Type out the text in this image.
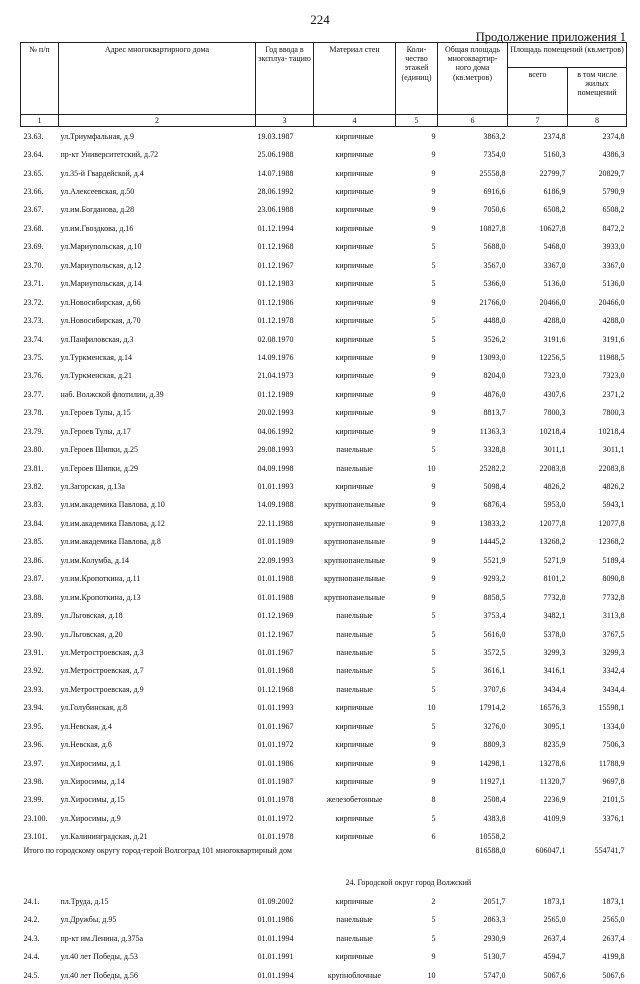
224
Продолжение приложения 1
№ п/п	Адрес многоквартирного дома	Год ввода в эксплуа- тацию	Материал стен	Коли- чество этажей (единиц)	Общая площадь многоквартир- ного дома (кв.метров)	Площадь помещений (кв.метров)	
						всего	в том числе жилых помещений
1	2	3	4	5	6	7	8
23.63.	ул.Триумфальная, д.9	19.03.1987	кирпичные	9	3863,2	2374,8	2374,8
23.64.	пр-кт Университетский, д.72	25.06.1988	кирпичные	9	7354,0	5160,3	4386,3
23.65.	ул.35-й Гвардейской, д.4	14.07.1988	кирпичные	9	25558,8	22799,7	20829,7
23.66.	ул.Алексеевская, д.50	28.06.1992	кирпичные	9	6916,6	6186,9	5790,9
23.67.	ул.им.Богданова, д.28	23.06.1988	кирпичные	9	7050,6	6508,2	6508,2
23.68.	ул.им.Гвоздкова, д.16	01.12.1994	кирпичные	9	10827,8	10627,8	8472,2
23.69.	ул.Мариупольская, д.10	01.12.1968	кирпичные	5	5688,0	5468,0	3933,0
23.70.	ул.Мариупольская, д.12	01.12.1967	кирпичные	5	3567,0	3367,0	3367,0
23.71.	ул.Мариупольская, д.14	01.12.1983	кирпичные	5	5366,0	5136,0	5136,0
23.72.	ул.Новосибирская, д.66	01.12.1986	кирпичные	9	21766,0	20466,0	20466,0
23.73.	ул.Новосибирская, д.70	01.12.1978	кирпичные	5	4488,0	4288,0	4288,0
23.74.	ул.Панфиловская, д.3	02.08.1970	кирпичные	5	3526,2	3191,6	3191,6
23.75.	ул.Туркменская, д.14	14.09.1976	кирпичные	9	13093,0	12256,5	11988,5
23.76.	ул.Туркменская, д.21	21.04.1973	кирпичные	9	8204,0	7323,0	7323,0
23.77.	наб. Волжской флотилии, д.39	01.12.1989	кирпичные	9	4876,0	4307,6	2371,2
23.78.	ул.Героев Тулы, д.15	20.02.1993	кирпичные	9	8813,7	7800,3	7800,3
23.79.	ул.Героев Тулы, д.17	04.06.1992	кирпичные	9	11363,3	10218,4	10218,4
23.80.	ул.Героев Шипки, д.25	29.08.1993	панельные	5	3328,8	3011,1	3011,1
23.81.	ул.Героев Шипки, д.29	04.09.1998	панельные	10	25282,2	22083,8	22083,8
23.82.	ул.Загорская, д.13а	01.01.1993	кирпичные	9	5098,4	4826,2	4826,2
23.83.	ул.им.академика Павлова, д.10	14.09.1988	крупнопанельные	9	6876,4	5953,0	5943,1
23.84.	ул.им.академика Павлова, д.12	22.11.1988	крупнопанельные	9	13833,2	12077,8	12077,8
23.85.	ул.им.академика Павлова, д.8	01.01.1989	крупнопанельные	9	14445,2	13268,2	12368,2
23.86.	ул.им.Колумба, д.14	22.09.1993	крупнопанельные	9	5521,9	5271,9	5189,4
23.87.	ул.им.Кропоткина, д.11	01.01.1988	крупнопанельные	9	9293,2	8101,2	8090,8
23.88.	ул.им.Кропоткина, д.13	01.01.1988	крупнопанельные	9	8858,5	7732,8	7732,8
23.89.	ул.Льговская, д.18	01.12.1969	панельные	5	3753,4	3482,1	3113,8
23.90.	ул.Льговская, д.20	01.12.1967	панельные	5	5616,0	5378,0	3767,5
23.91.	ул.Метростроевская, д.3	01.01.1967	панельные	5	3572,5	3299,3	3299,3
23.92.	ул.Метростроевская, д.7	01.01.1968	панельные	5	3616,1	3416,1	3342,4
23.93.	ул.Метростроевская, д.9	01.12.1968	панельные	5	3707,6	3434,4	3434,4
23.94.	ул.Голубинская, д.8	01.01.1993	кирпичные	10	17914,2	16576,3	15598,1
23.95.	ул.Невская, д.4	01.01.1967	кирпичные	5	3276,0	3095,1	1334,0
23.96.	ул.Невская, д.6	01.01.1972	кирпичные	9	8809,3	8235,9	7506,3
23.97.	ул.Хиросимы, д.1	01.01.1986	кирпичные	9	14298,1	13278,6	11788,9
23.98.	ул.Хиросимы, д.14	01.01.1987	кирпичные	9	11927,1	11320,7	9697,8
23.99.	ул.Хиросимы, д.15	01.01.1978	железобетонные	8	2508,4	2236,9	2101,5
23.100.	ул.Хиросимы, д.9	01.01.1972	кирпичные	5	4383,8	4109,9	3376,1
23.101.	ул.Калининградская, д.21	01.01.1978	кирпичные	6	10558,2		
Итого по городскому округу город-герой Волгоград 101 многоквартирный дом					816588,0	606047,1	554741,7
		24. Городской округ город Волжский					
24.1.	пл.Труда, д.15	01.09.2002	кирпичные	2	2051,7	1873,1	1873,1
24.2.	ул.Дружбы, д.95	01.01.1986	панельные	5	2863,3	2565,0	2565,0
24.3.	пр-кт им.Ленина, д.375а	01.01.1994	панельные	5	2930,9	2637,4	2637,4
24.4.	ул.40 лет Победы, д.53	01.01.1991	кирпичные	9	5130,7	4594,7	4199,8
24.5.	ул.40 лет Победы, д.56	01.01.1994	крупноблочные	10	5747,0	5067,6	5067,6
